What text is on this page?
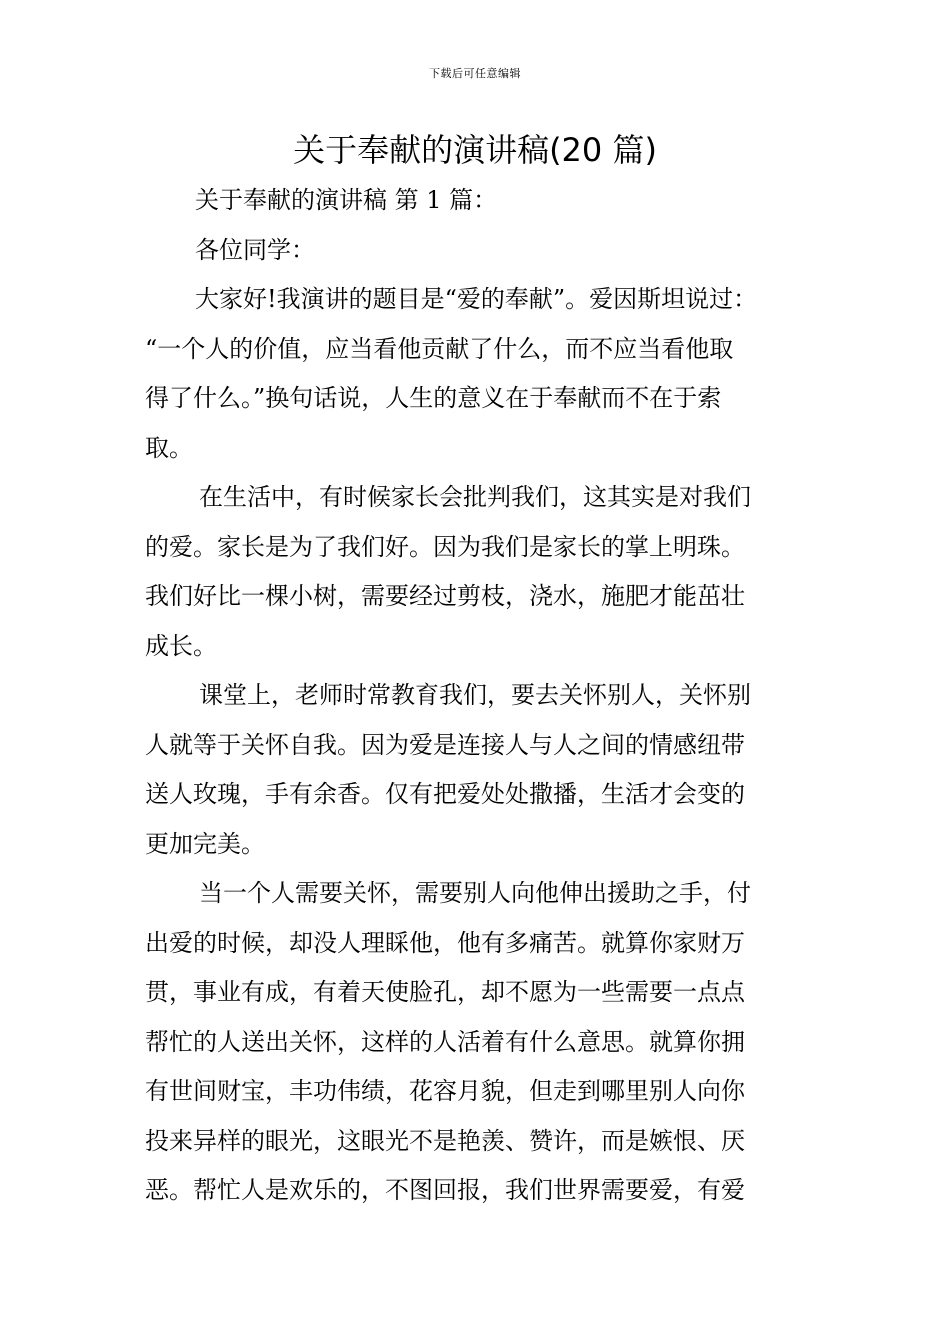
下载后可任意编辑
关于奉献的演讲稿(20 篇)
关于奉献的演讲稿 第 1 篇：
各位同学：
大家好!我演讲的题目是“爱的奉献”。爱因斯坦说过：
“一个人的价值，应当看他贡献了什么，而不应当看他取
得了什么。”换句话说，人生的意义在于奉献而不在于索
取。
在生活中，有时候家长会批判我们，这其实是对我们
的爱。家长是为了我们好。因为我们是家长的掌上明珠。
我们好比一棵小树，需要经过剪枝，浇水，施肥才能茁壮
成长。
课堂上，老师时常教育我们，要去关怀别人，关怀别
人就等于关怀自我。因为爱是连接人与人之间的情感纽带
送人玫瑰，手有余香。仅有把爱处处撒播，生活才会变的
更加完美。
当一个人需要关怀，需要别人向他伸出援助之手，付
出爱的时候，却没人理睬他，他有多痛苦。就算你家财万
贯，事业有成，有着天使脸孔，却不愿为一些需要一点点
帮忙的人送出关怀，这样的人活着有什么意思。就算你拥
有世间财宝，丰功伟绩，花容月貌，但走到哪里别人向你
投来异样的眼光，这眼光不是艳羡、赞许，而是嫉恨、厌
恶。帮忙人是欢乐的，不图回报，我们世界需要爱，有爱
